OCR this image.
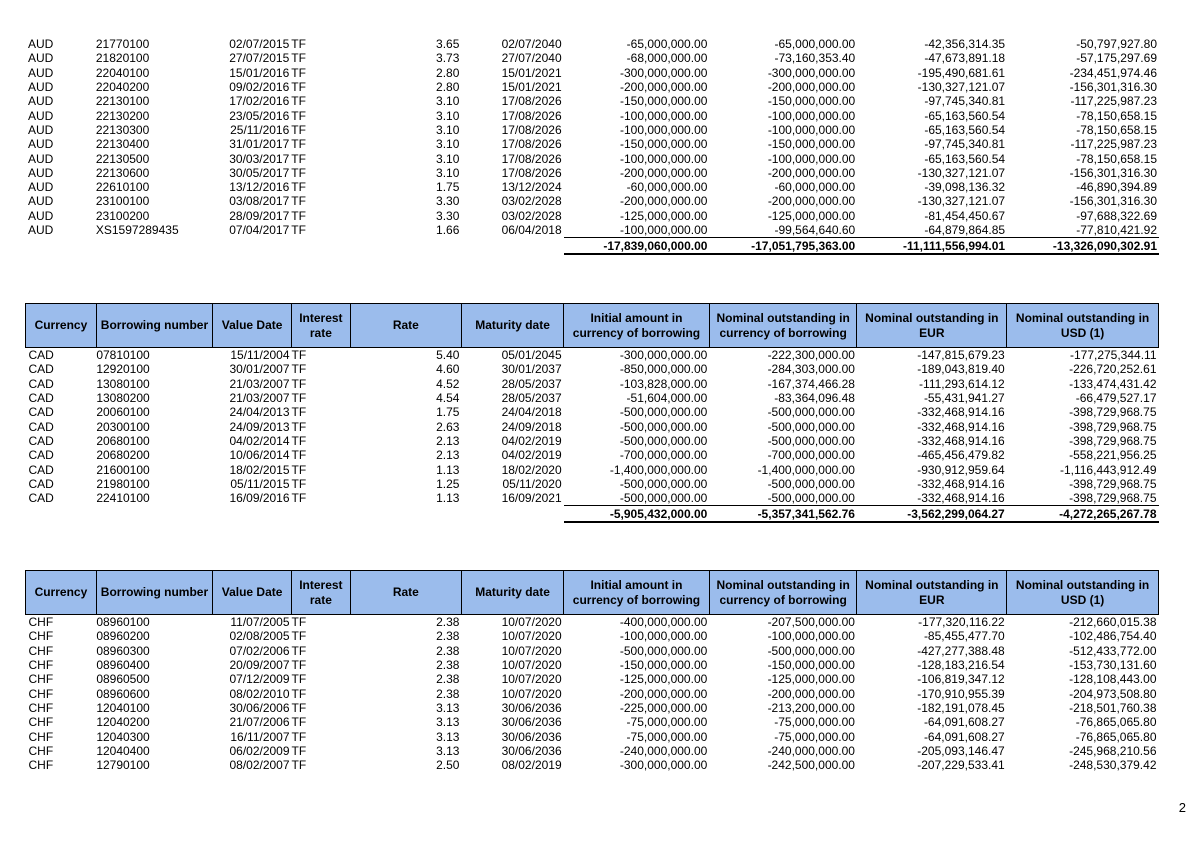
AUD	21770100	02/07/2015	TF	3.65	02/07/2040	-65,000,000.00	-65,000,000.00	-42,356,314.35	-50,797,927.80
AUD	21820100	27/07/2015	TF	3.73	27/07/2040	-68,000,000.00	-73,160,353.40	-47,673,891.18	-57,175,297.69
AUD	22040100	15/01/2016	TF	2.80	15/01/2021	-300,000,000.00	-300,000,000.00	-195,490,681.61	-234,451,974.46
AUD	22040200	09/02/2016	TF	2.80	15/01/2021	-200,000,000.00	-200,000,000.00	-130,327,121.07	-156,301,316.30
AUD	22130100	17/02/2016	TF	3.10	17/08/2026	-150,000,000.00	-150,000,000.00	-97,745,340.81	-117,225,987.23
AUD	22130200	23/05/2016	TF	3.10	17/08/2026	-100,000,000.00	-100,000,000.00	-65,163,560.54	-78,150,658.15
AUD	22130300	25/11/2016	TF	3.10	17/08/2026	-100,000,000.00	-100,000,000.00	-65,163,560.54	-78,150,658.15
AUD	22130400	31/01/2017	TF	3.10	17/08/2026	-150,000,000.00	-150,000,000.00	-97,745,340.81	-117,225,987.23
AUD	22130500	30/03/2017	TF	3.10	17/08/2026	-100,000,000.00	-100,000,000.00	-65,163,560.54	-78,150,658.15
AUD	22130600	30/05/2017	TF	3.10	17/08/2026	-200,000,000.00	-200,000,000.00	-130,327,121.07	-156,301,316.30
AUD	22610100	13/12/2016	TF	1.75	13/12/2024	-60,000,000.00	-60,000,000.00	-39,098,136.32	-46,890,394.89
AUD	23100100	03/08/2017	TF	3.30	03/02/2028	-200,000,000.00	-200,000,000.00	-130,327,121.07	-156,301,316.30
AUD	23100200	28/09/2017	TF	3.30	03/02/2028	-125,000,000.00	-125,000,000.00	-81,454,450.67	-97,688,322.69
AUD	XS1597289435	07/04/2017	TF	1.66	06/04/2018	-100,000,000.00	-99,564,640.60	-64,879,864.85	-77,810,421.92
						-17,839,060,000.00	-17,051,795,363.00	-11,111,556,994.01	-13,326,090,302.91
Currency	Borrowing number	Value Date	Interest rate	Rate	Maturity date	Initial amount in currency of borrowing	Nominal outstanding in currency of borrowing	Nominal outstanding in EUR	Nominal outstanding in USD (1)
CAD	07810100	15/11/2004	TF	5.40	05/01/2045	-300,000,000.00	-222,300,000.00	-147,815,679.23	-177,275,344.11
CAD	12920100	30/01/2007	TF	4.60	30/01/2037	-850,000,000.00	-284,303,000.00	-189,043,819.40	-226,720,252.61
CAD	13080100	21/03/2007	TF	4.52	28/05/2037	-103,828,000.00	-167,374,466.28	-111,293,614.12	-133,474,431.42
CAD	13080200	21/03/2007	TF	4.54	28/05/2037	-51,604,000.00	-83,364,096.48	-55,431,941.27	-66,479,527.17
CAD	20060100	24/04/2013	TF	1.75	24/04/2018	-500,000,000.00	-500,000,000.00	-332,468,914.16	-398,729,968.75
CAD	20300100	24/09/2013	TF	2.63	24/09/2018	-500,000,000.00	-500,000,000.00	-332,468,914.16	-398,729,968.75
CAD	20680100	04/02/2014	TF	2.13	04/02/2019	-500,000,000.00	-500,000,000.00	-332,468,914.16	-398,729,968.75
CAD	20680200	10/06/2014	TF	2.13	04/02/2019	-700,000,000.00	-700,000,000.00	-465,456,479.82	-558,221,956.25
CAD	21600100	18/02/2015	TF	1.13	18/02/2020	-1,400,000,000.00	-1,400,000,000.00	-930,912,959.64	-1,116,443,912.49
CAD	21980100	05/11/2015	TF	1.25	05/11/2020	-500,000,000.00	-500,000,000.00	-332,468,914.16	-398,729,968.75
CAD	22410100	16/09/2016	TF	1.13	16/09/2021	-500,000,000.00	-500,000,000.00	-332,468,914.16	-398,729,968.75
						-5,905,432,000.00	-5,357,341,562.76	-3,562,299,064.27	-4,272,265,267.78
Currency	Borrowing number	Value Date	Interest rate	Rate	Maturity date	Initial amount in currency of borrowing	Nominal outstanding in currency of borrowing	Nominal outstanding in EUR	Nominal outstanding in USD (1)
CHF	08960100	11/07/2005	TF	2.38	10/07/2020	-400,000,000.00	-207,500,000.00	-177,320,116.22	-212,660,015.38
CHF	08960200	02/08/2005	TF	2.38	10/07/2020	-100,000,000.00	-100,000,000.00	-85,455,477.70	-102,486,754.40
CHF	08960300	07/02/2006	TF	2.38	10/07/2020	-500,000,000.00	-500,000,000.00	-427,277,388.48	-512,433,772.00
CHF	08960400	20/09/2007	TF	2.38	10/07/2020	-150,000,000.00	-150,000,000.00	-128,183,216.54	-153,730,131.60
CHF	08960500	07/12/2009	TF	2.38	10/07/2020	-125,000,000.00	-125,000,000.00	-106,819,347.12	-128,108,443.00
CHF	08960600	08/02/2010	TF	2.38	10/07/2020	-200,000,000.00	-200,000,000.00	-170,910,955.39	-204,973,508.80
CHF	12040100	30/06/2006	TF	3.13	30/06/2036	-225,000,000.00	-213,200,000.00	-182,191,078.45	-218,501,760.38
CHF	12040200	21/07/2006	TF	3.13	30/06/2036	-75,000,000.00	-75,000,000.00	-64,091,608.27	-76,865,065.80
CHF	12040300	16/11/2007	TF	3.13	30/06/2036	-75,000,000.00	-75,000,000.00	-64,091,608.27	-76,865,065.80
CHF	12040400	06/02/2009	TF	3.13	30/06/2036	-240,000,000.00	-240,000,000.00	-205,093,146.47	-245,968,210.56
CHF	12790100	08/02/2007	TF	2.50	08/02/2019	-300,000,000.00	-242,500,000.00	-207,229,533.41	-248,530,379.42
2
